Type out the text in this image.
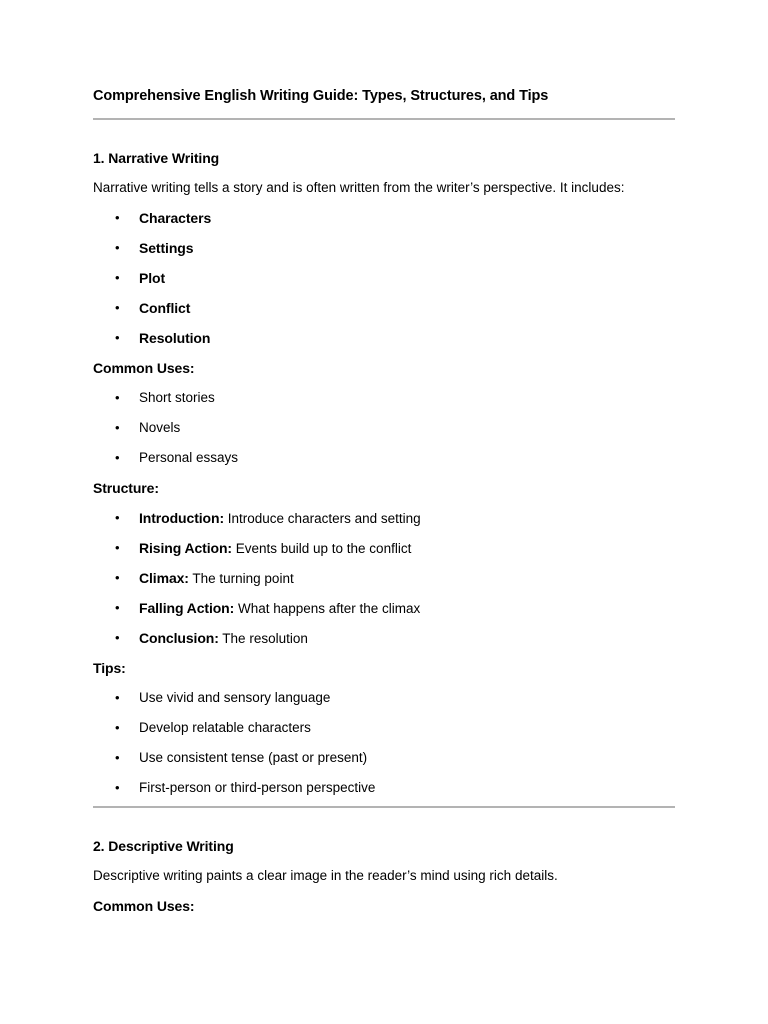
Comprehensive English Writing Guide: Types, Structures, and Tips

1. Narrative Writing

Narrative writing tells a story and is often written from the writer’s perspective. It includes:

• Characters
• Settings
• Plot
• Conflict
• Resolution

Common Uses:

• Short stories
• Novels
• Personal essays

Structure:

• Introduction: Introduce characters and setting
• Rising Action: Events build up to the conflict
• Climax: The turning point
• Falling Action: What happens after the climax
• Conclusion: The resolution

Tips:

• Use vivid and sensory language
• Develop relatable characters
• Use consistent tense (past or present)
• First-person or third-person perspective

2. Descriptive Writing

Descriptive writing paints a clear image in the reader’s mind using rich details.

Common Uses:
